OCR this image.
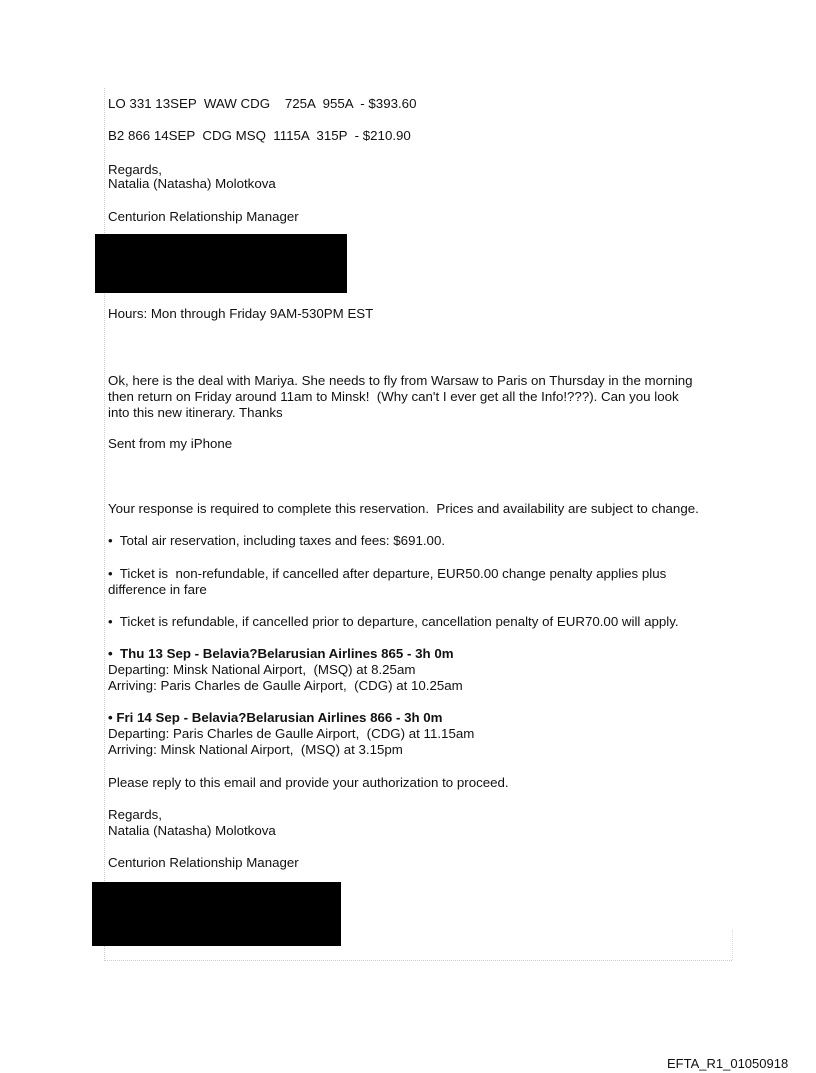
LO 331 13SEP  WAW CDG    725A  955A  - $393.60
B2 866 14SEP  CDG MSQ  1115A  315P  - $210.90
Regards,
Natalia (Natasha) Molotkova
Centurion Relationship Manager
Hours: Mon through Friday 9AM-530PM EST
Ok, here is the deal with Mariya. She needs to fly from Warsaw to Paris on Thursday in the morning
then return on Friday around 11am to Minsk!  (Why can't I ever get all the Info!???). Can you look
into this new itinerary. Thanks
Sent from my iPhone
Your response is required to complete this reservation.  Prices and availability are subject to change.
•  Total air reservation, including taxes and fees: $691.00.
•  Ticket is  non-refundable, if cancelled after departure, EUR50.00 change penalty applies plus
difference in fare
•  Ticket is refundable, if cancelled prior to departure, cancellation penalty of EUR70.00 will apply.
•  Thu 13 Sep - Belavia?Belarusian Airlines 865 - 3h 0m
Departing: Minsk National Airport,  (MSQ) at 8.25am
Arriving: Paris Charles de Gaulle Airport,  (CDG) at 10.25am
• Fri 14 Sep - Belavia?Belarusian Airlines 866 - 3h 0m
Departing: Paris Charles de Gaulle Airport,  (CDG) at 11.15am
Arriving: Minsk National Airport,  (MSQ) at 3.15pm
Please reply to this email and provide your authorization to proceed.
Regards,
Natalia (Natasha) Molotkova
Centurion Relationship Manager
EFTA_R1_01050918
